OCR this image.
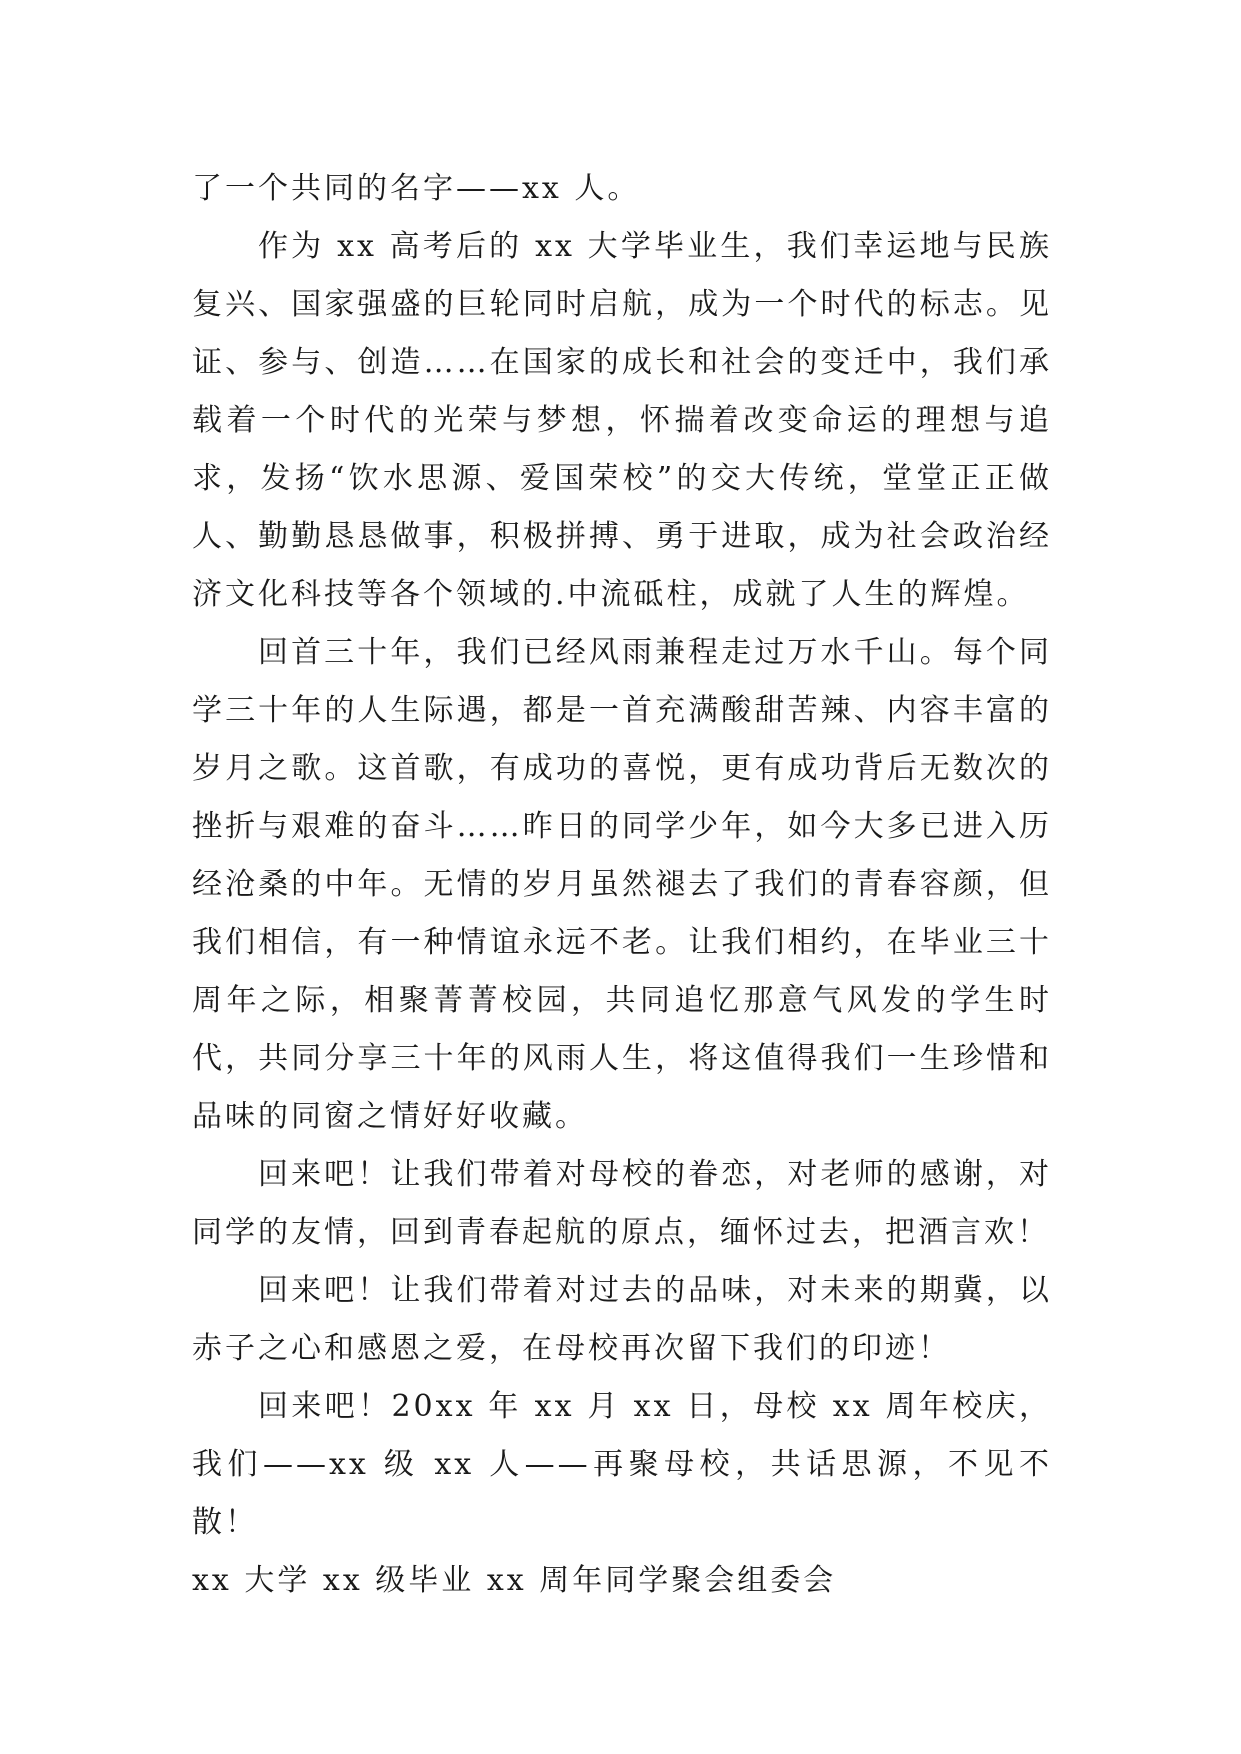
了一个共同的名字——xx 人。

作为 xx 高考后的 xx 大学毕业生，我们幸运地与民族复兴、国家强盛的巨轮同时启航，成为一个时代的标志。见证、参与、创造……在国家的成长和社会的变迁中，我们承载着一个时代的光荣与梦想，怀揣着改变命运的理想与追求，发扬“饮水思源、爱国荣校”的交大传统，堂堂正正做人、勤勤恳恳做事，积极拼搏、勇于进取，成为社会政治经济文化科技等各个领域的.中流砥柱，成就了人生的辉煌。

回首三十年，我们已经风雨兼程走过万水千山。每个同学三十年的人生际遇，都是一首充满酸甜苦辣、内容丰富的岁月之歌。这首歌，有成功的喜悦，更有成功背后无数次的挫折与艰难的奋斗……昨日的同学少年，如今大多已进入历经沧桑的中年。无情的岁月虽然褪去了我们的青春容颜，但我们相信，有一种情谊永远不老。让我们相约，在毕业三十周年之际，相聚菁菁校园，共同追忆那意气风发的学生时代，共同分享三十年的风雨人生，将这值得我们一生珍惜和品味的同窗之情好好收藏。

回来吧！让我们带着对母校的眷恋，对老师的感谢，对同学的友情，回到青春起航的原点，缅怀过去，把酒言欢！

回来吧！让我们带着对过去的品味，对未来的期冀，以赤子之心和感恩之爱，在母校再次留下我们的印迹！

回来吧！20xx 年 xx 月 xx 日，母校 xx 周年校庆，我们——xx 级 xx 人——再聚母校，共话思源，不见不散！

xx 大学 xx 级毕业 xx 周年同学聚会组委会
